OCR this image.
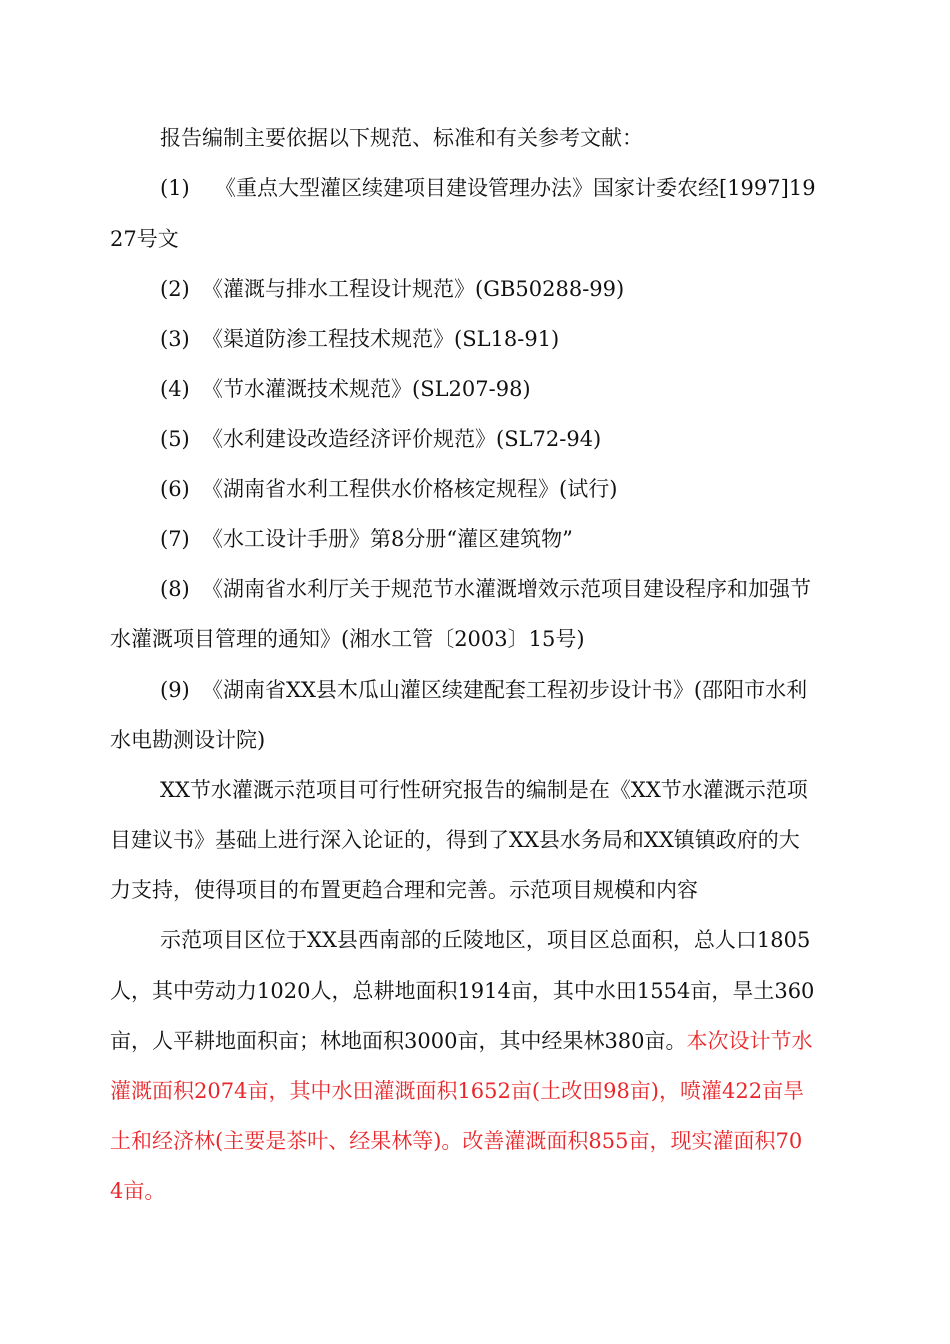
报告编制主要依据以下规范、标准和有关参考文献：
(1) 《重点大型灌区续建项目建设管理办法》国家计委农经[1997]19
27号文
(2) 《灌溉与排水工程设计规范》(GB50288-99)
(3) 《渠道防渗工程技术规范》(SL18-91)
(4) 《节水灌溉技术规范》(SL207-98)
(5) 《水利建设改造经济评价规范》(SL72-94)
(6) 《湖南省水利工程供水价格核定规程》(试行)
(7) 《水工设计手册》第8分册“灌区建筑物”
(8) 《湖南省水利厅关于规范节水灌溉增效示范项目建设程序和加强节
水灌溉项目管理的通知》(湘水工管〔2003〕15号)
(9) 《湖南省XX县木瓜山灌区续建配套工程初步设计书》(邵阳市水利
水电勘测设计院)
XX节水灌溉示范项目可行性研究报告的编制是在《XX节水灌溉示范项
目建议书》基础上进行深入论证的，得到了XX县水务局和XX镇镇政府的大
力支持，使得项目的布置更趋合理和完善。示范项目规模和内容
示范项目区位于XX县西南部的丘陵地区，项目区总面积，总人口1805
人，其中劳动力1020人，总耕地面积1914亩，其中水田1554亩，旱土360
亩，人平耕地面积亩；林地面积3000亩，其中经果林380亩。本次设计节水
灌溉面积2074亩，其中水田灌溉面积1652亩(土改田98亩)，喷灌422亩旱
土和经济林(主要是茶叶、经果林等)。改善灌溉面积855亩，现实灌面积70
4亩。
